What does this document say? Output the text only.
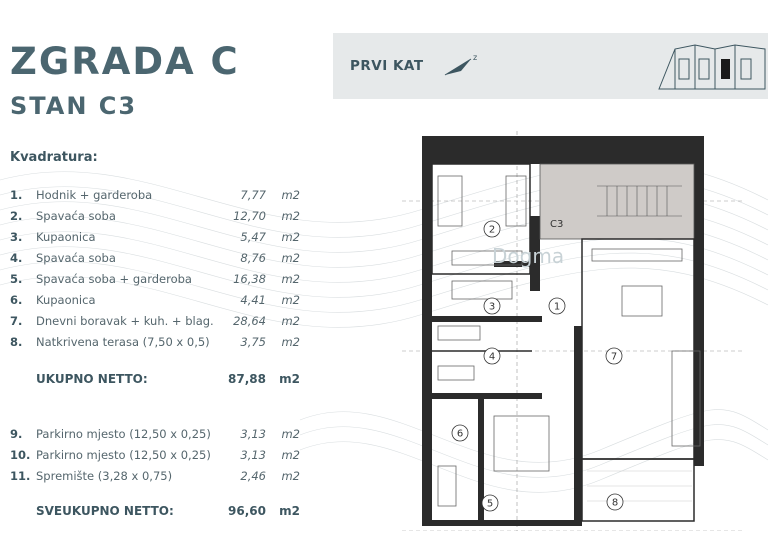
ZGRADA C
STAN C3
Kvadratura:
1. Hodnik + garderoba	7,77 m2
2. Spavaća soba	12,70 m2
3. Kupaonica	5,47 m2
4. Spavaća soba	8,76 m2
5. Spavaća soba + garderoba	16,38 m2
6. Kupaonica	4,41 m2
7. Dnevni boravak + kuh. + blag. 28,64 m2
8. Natkrivena terasa (7,50 x 0,5)	3,75 m2
UKUPNO NETTO:	87,88 m2
9. Parkirno mjesto (12,50 x 0,25)	3,13 m2
10. Parkirno mjesto (12,50 x 0,25)	3,13 m2
11. Spremište (3,28 x 0,75)	2,46 m2
SVEUKUPNO NETTO:	96,60 m2
PRVI KAT
z
C3
Dogma
1
2
3
4
5
6
7
8
